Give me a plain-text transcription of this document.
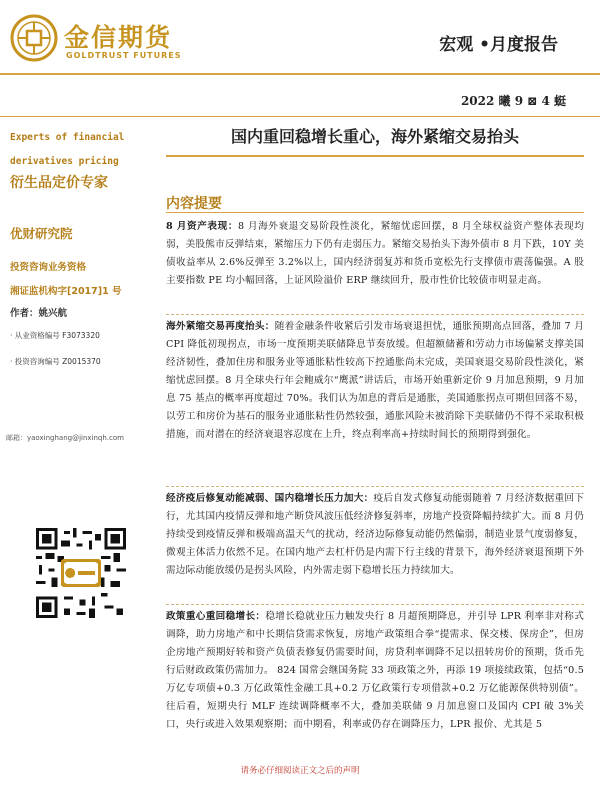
金信期货
GOLDTRUST FUTURES
宏观 •月度报告
2022 曦 9 ⊠ 4 蜓
Experts of financial derivatives pricing
衍生品定价专家
优财研究院
投资咨询业务资格
湘证监机构字[2017]1 号
作者：姚兴航
· 从业资格编号 F3073320
· 投资咨询编号 Z0015370
邮箱：yaoxinghang@jinxinqh.com
国内重回稳增长重心，海外紧缩交易抬头
内容提要
8 月资产表现：8 月海外衰退交易阶段性淡化，紧缩忧虑回摆，8 月全球权益资产整体表现均弱，美股熊市反弹结束，紧缩压力下仍有走弱压力。紧缩交易抬头下海外债市 8 月下跌，10Y 美债收益率从 2.6%反弹至 3.2%以上，国内经济弱复苏和货币宽松先行支撑债市震荡偏强。A 股主要指数 PE 均小幅回落，上证风险溢价 ERP 继续回升，股市性价比较债市明显走高。
海外紧缩交易再度抬头：随着金融条件收紧后引发市场衰退担忧，通胀预期高点回落，叠加 7 月 CPI 降低初现拐点，市场一度预期美联储降息节奏放缓。但超额储蓄和劳动力市场偏紧支撑美国经济韧性，叠加住房和服务业等通胀粘性较高下控通胀尚未完成，美国衰退交易阶段性淡化，紧缩忧虑回摆。8 月全球央行年会鲍威尔“鹰派”讲话后，市场开始重新定价 9 月加息预期，9 月加息 75 基点的概率再度超过 70%。我们认为加息的背后是通胀，美国通胀拐点可期但回落不易，以劳工和房价为基石的服务业通胀粘性仍然较强，通胀风险未被消除下美联储仍不得不采取积极措施，而对潜在的经济衰退容忍度在上升，终点利率高+持续时间长的预期得到强化。
经济疫后修复动能减弱、国内稳增长压力加大：疫后自发式修复动能弱随着 7 月经济数据重回下行，尤其国内疫情反弹和地产断贷风波压低经济修复斜率，房地产投资降幅持续扩大。而 8 月仍持续受到疫情反弹和极端高温天气的扰动，经济边际修复动能仍然偏弱，制造业景气度弱修复，微观主体活力依然不足。在国内地产去杠杆仍是内需下行主线的背景下，海外经济衰退预期下外需边际动能放缓仍是拐头风险，内外需走弱下稳增长压力持续加大。
政策重心重回稳增长：稳增长稳就业压力触发央行 8 月超预期降息，并引导 LPR 利率非对称式调降，助力房地产和中长期信贷需求恢复，房地产政策组合拳“提需求、保交楼、保房企”，但房企房地产预期好转和资产负债表修复仍需要时间，房贷利率调降不足以扭转房价的预期，货币先行后财政政策仍需加力。 824 国常会继国务院 33 项政策之外，再添 19 项接续政策，包括“0.5 万亿专项债+0.3 万亿政策性金融工具+0.2 万亿政策行专项借款+0.2 万亿能源保供特别债”。往后看，短期央行 MLF 连续调降概率不大，叠加美联储 9 月加息窗口及国内 CPI 破 3%关口，央行或进入效果观察期；而中期看，利率或仍存在调降压力，LPR 报价、尤其是 5
请务必仔细阅读正文之后的声明
